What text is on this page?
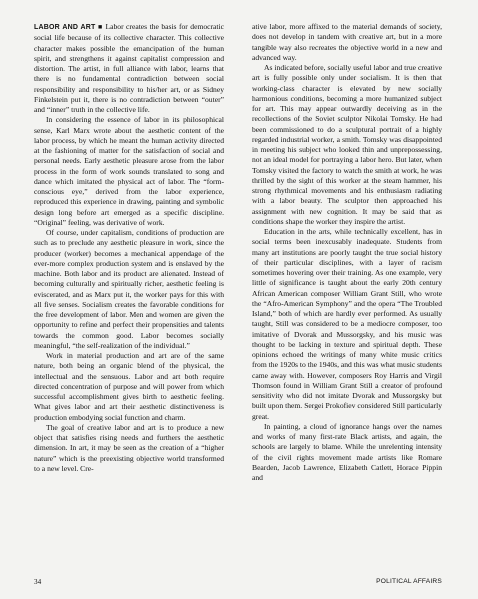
LABOR AND ART ■ Labor creates the basis for democratic social life because of its collective character. This collective character makes possible the emancipation of the human spirit, and strengthens it against capitalist compression and distortion. The artist, in full alliance with labor, learns that there is no fundamental contradiction between social responsibility and responsibility to his/her art, or as Sidney Finkelstein put it, there is no contradiction between “outer” and “inner” truth in the collective life.

In considering the essence of labor in its philosophical sense, Karl Marx wrote about the aesthetic content of the labor process, by which he meant the human activity directed at the fashioning of matter for the satisfaction of social and personal needs. Early aesthetic pleasure arose from the labor process in the form of work sounds translated to song and dance which imitated the physical act of labor. The “form-conscious eye,” derived from the labor experience, reproduced this experience in drawing, painting and symbolic design long before art emerged as a specific discipline. “Original” feeling, was derivative of work.

Of course, under capitalism, conditions of production are such as to preclude any aesthetic pleasure in work, since the producer (worker) becomes a mechanical appendage of the ever-more complex production system and is enslaved by the machine. Both labor and its product are alienated. Instead of becoming culturally and spiritually richer, aesthetic feeling is eviscerated, and as Marx put it, the worker pays for this with all five senses. Socialism creates the favorable conditions for the free development of labor. Men and women are given the opportunity to refine and perfect their propensities and talents towards the common good. Labor becomes socially meaningful, “the self-realization of the individual.”

Work in material production and art are of the same nature, both being an organic blend of the physical, the intellectual and the sensuous. Labor and art both require directed concentration of purpose and will power from which successful accomplishment gives birth to aesthetic feeling. What gives labor and art their aesthetic distinctiveness is production embodying social function and charm.

The goal of creative labor and art is to produce a new object that satisfies rising needs and furthers the aesthetic dimension. In art, it may be seen as the creation of a “higher nature” which is the preexisting objective world transformed to a new level. Cre-

ative labor, more affixed to the material demands of society, does not develop in tandem with creative art, but in a more tangible way also recreates the objective world in a new and advanced way.

As indicated before, socially useful labor and true creative art is fully possible only under socialism. It is then that working-class character is elevated by new socially harmonious conditions, becoming a more humanized subject for art. This may appear outwardly deceiving as in the recollections of the Soviet sculptor Nikolai Tomsky. He had been commissioned to do a sculptural portrait of a highly regarded industrial worker, a smith. Tomsky was disappointed in meeting his subject who looked thin and unprepossessing, not an ideal model for portraying a labor hero. But later, when Tomsky visited the factory to watch the smith at work, he was thrilled by the sight of this worker at the steam hammer, his strong rhythmical movements and his enthusiasm radiating with a labor beauty. The sculptor then approached his assignment with new cognition. It may be said that as conditions shape the worker they inspire the artist.

Education in the arts, while technically excellent, has in social terms been inexcusably inadequate. Students from many art institutions are poorly taught the true social history of their particular disciplines, with a layer of racism sometimes hovering over their training. As one example, very little of significance is taught about the early 20th century African American composer William Grant Still, who wrote the “Afro-American Symphony” and the opera “The Troubled Island,” both of which are hardly ever performed. As usually taught, Still was considered to be a mediocre composer, too imitative of Dvorak and Mussorgsky, and his music was thought to be lacking in texture and spiritual depth. These opinions echoed the writings of many white music critics from the 1920s to the 1940s, and this was what music students came away with. However, composers Roy Harris and Virgil Thomson found in William Grant Still a creator of profound sensitivity who did not imitate Dvorak and Mussorgsky but built upon them. Sergei Prokofiev considered Still particularly great.

In painting, a cloud of ignorance hangs over the names and works of many first-rate Black artists, and again, the schools are largely to blame. While the unrelenting intensity of the civil rights movement made artists like Romare Bearden, Jacob Lawrence, Elizabeth Catlett, Horace Pippin and

34	POLITICAL AFFAIRS
